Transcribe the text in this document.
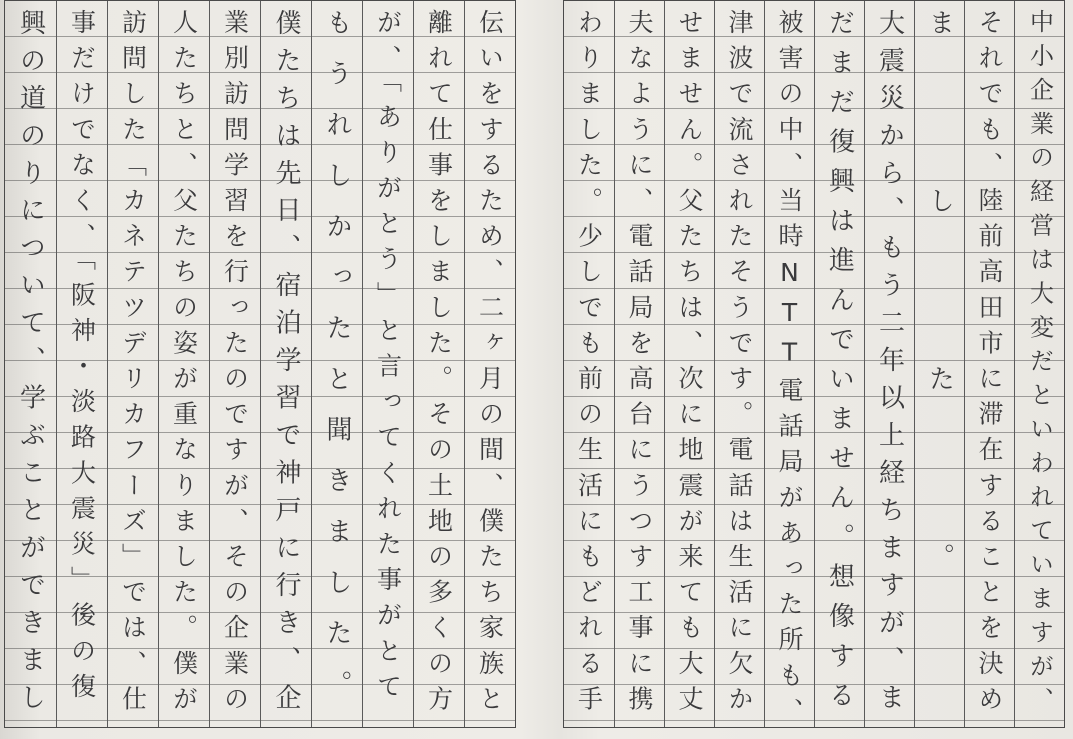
中小企業の経営は大変だといわれていますが、
それでも、陸前高田市に滞在することを決め
ました。
大震災から、もう二年以上経ちますが、ま
だまだ復興は進んでいません。想像する
被害の中、当時NTT電話局があった所も、
津波で流されたそうです。電話は生活に欠か
せません。父たちは、次に地震が来ても大丈
夫なように、電話局を高台にうつす工事に携
わりました。少しでも前の生活にもどれる手
伝いをするため、二ヶ月の間、僕たち家族と
離れて仕事をしました。その土地の多くの方
が、「ありがとう」と言ってくれた事がとて
もうれしかったと聞きました。
僕たちは先日、宿泊学習で神戸に行き、企
業別訪問学習を行ったのですが、その企業の
人たちと、父たちの姿が重なりました。僕が
訪問した「カネテツデリカフーズ」では、仕
事だけでなく、「阪神・淡路大震災」後の復
興の道のりについて、学ぶことができまし
